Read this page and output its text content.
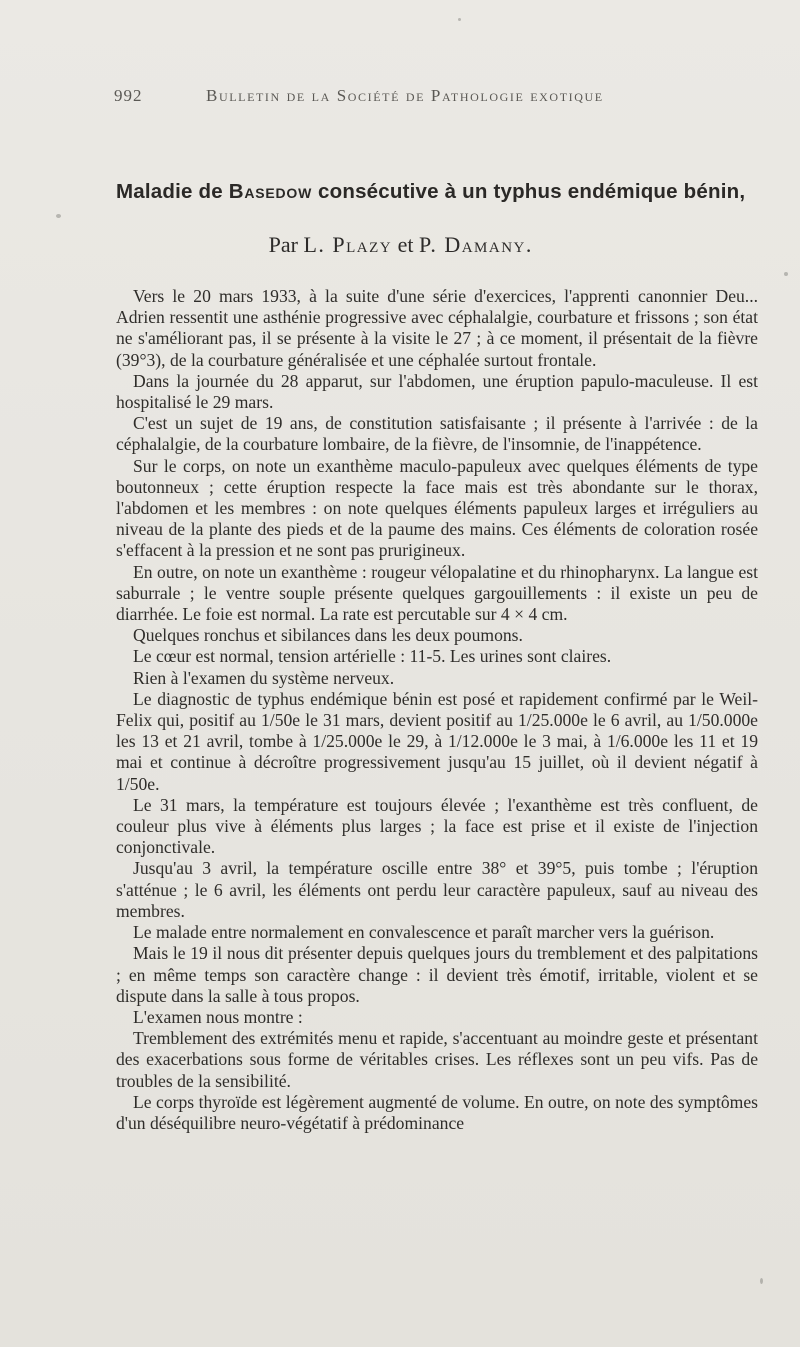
992	Bulletin de la Société de Pathologie exotique
Maladie de Basedow consécutive à un typhus endémique bénin,
Par L. Plazy et P. Damany.

Vers le 20 mars 1933, à la suite d'une série d'exercices, l'apprenti canonnier Deu... Adrien ressentit une asthénie progressive avec céphalalgie, courbature et frissons ; son état ne s'améliorant pas, il se présente à la visite le 27 ; à ce moment, il présentait de la fièvre (39°3), de la courbature généralisée et une céphalée surtout frontale.

Dans la journée du 28 apparut, sur l'abdomen, une éruption papulo-maculeuse. Il est hospitalisé le 29 mars.

C'est un sujet de 19 ans, de constitution satisfaisante ; il présente à l'arrivée : de la céphalalgie, de la courbature lombaire, de la fièvre, de l'insomnie, de l'inappétence.

Sur le corps, on note un exanthème maculo-papuleux avec quelques éléments de type boutonneux ; cette éruption respecte la face mais est très abondante sur le thorax, l'abdomen et les membres : on note quelques éléments papuleux larges et irréguliers au niveau de la plante des pieds et de la paume des mains. Ces éléments de coloration rosée s'effacent à la pression et ne sont pas prurigineux.

En outre, on note un exanthème : rougeur vélopalatine et du rhinopharynx. La langue est saburrale ; le ventre souple présente quelques gargouillements : il existe un peu de diarrhée. Le foie est normal. La rate est percutable sur 4 × 4 cm.

Quelques ronchus et sibilances dans les deux poumons.

Le cœur est normal, tension artérielle : 11-5. Les urines sont claires.

Rien à l'examen du système nerveux.

Le diagnostic de typhus endémique bénin est posé et rapidement confirmé par le Weil-Felix qui, positif au 1/50e le 31 mars, devient positif au 1/25.000e le 6 avril, au 1/50.000e les 13 et 21 avril, tombe à 1/25.000e le 29, à 1/12.000e le 3 mai, à 1/6.000e les 11 et 19 mai et continue à décroître progressivement jusqu'au 15 juillet, où il devient négatif à 1/50e.

Le 31 mars, la température est toujours élevée ; l'exanthème est très confluent, de couleur plus vive à éléments plus larges ; la face est prise et il existe de l'injection conjonctivale.

Jusqu'au 3 avril, la température oscille entre 38° et 39°5, puis tombe ; l'éruption s'atténue ; le 6 avril, les éléments ont perdu leur caractère papuleux, sauf au niveau des membres.

Le malade entre normalement en convalescence et paraît marcher vers la guérison.

Mais le 19 il nous dit présenter depuis quelques jours du tremblement et des palpitations ; en même temps son caractère change : il devient très émotif, irritable, violent et se dispute dans la salle à tous propos.

L'examen nous montre :

Tremblement des extrémités menu et rapide, s'accentuant au moindre geste et présentant des exacerbations sous forme de véritables crises. Les réflexes sont un peu vifs. Pas de troubles de la sensibilité.

Le corps thyroïde est légèrement augmenté de volume. En outre, on note des symptômes d'un déséquilibre neuro-végétatif à prédominance
